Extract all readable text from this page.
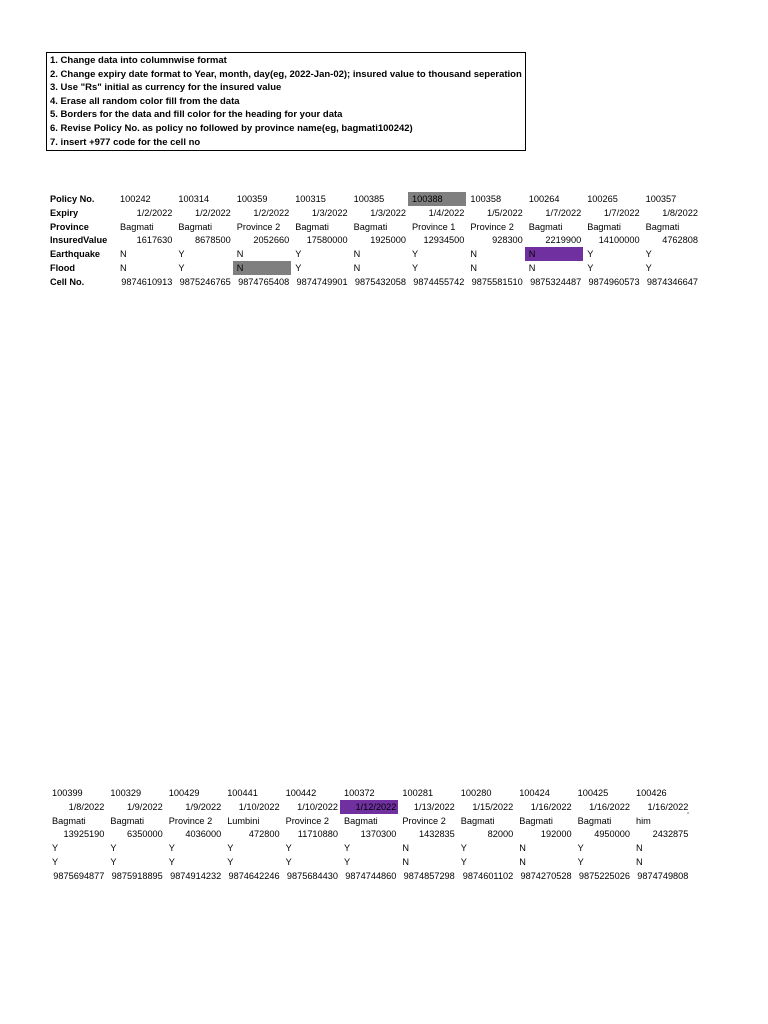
1. Change data into columnwise format
2. Change expiry date format to Year, month, day(eg, 2022-Jan-02); insured value to thousand seperation
3. Use "Rs" initial as currency for the insured value
4. Erase all random color fill from the data
5. Borders for the data and fill color for the heading for your data
6. Revise Policy No. as policy no followed by province name(eg, bagmati100242)
7. insert +977 code for the cell no
Policy No.	100242	100314	100359	100315	100385	100388	100358	100264	100265	100357
Expiry	1/2/2022	1/2/2022	1/2/2022	1/3/2022	1/3/2022	1/4/2022	1/5/2022	1/7/2022	1/7/2022	1/8/2022
Province	Bagmati	Bagmati	Province 2	Bagmati	Bagmati	Province 1	Province 2	Bagmati	Bagmati	Bagmati
InsuredValue	1617630	8678500	2052660	17580000	1925000	12934500	928300	2219900	14100000	4762808
Earthquake	N	Y	N	Y	N	Y	N	N	Y	Y
Flood	N	Y	N	Y	N	Y	N	N	Y	Y
Cell No.	9874610913 9875246765 9874765408 9874749901 9875432058 9874455742 9875581510 9875324487 9874960573 9874346647
100399	100329	100429	100441	100442	100372	100281	100280	100424	100425	100426
1/8/2022	1/9/2022	1/9/2022	1/10/2022	1/10/2022	1/12/2022	1/13/2022	1/15/2022	1/16/2022	1/16/2022	1/16/2022
Bagmati	Bagmati	Province 2	Lumbini	Province 2	Bagmati	Province 2	Bagmati	Bagmati	Bagmati	him
13925190	6350000	4036000	472800	11710880	1370300	1432835	82000	192000	4950000	2432875
Y	Y	Y	Y	Y	Y	N	Y	N	Y	N
Y	Y	Y	Y	Y	Y	N	Y	N	Y	N
9875694877 9875918895 9874914232 9874642246 9875684430 9874744860 9874857298 9874601102 9874270528 9875225026 9874749808
ˆ
